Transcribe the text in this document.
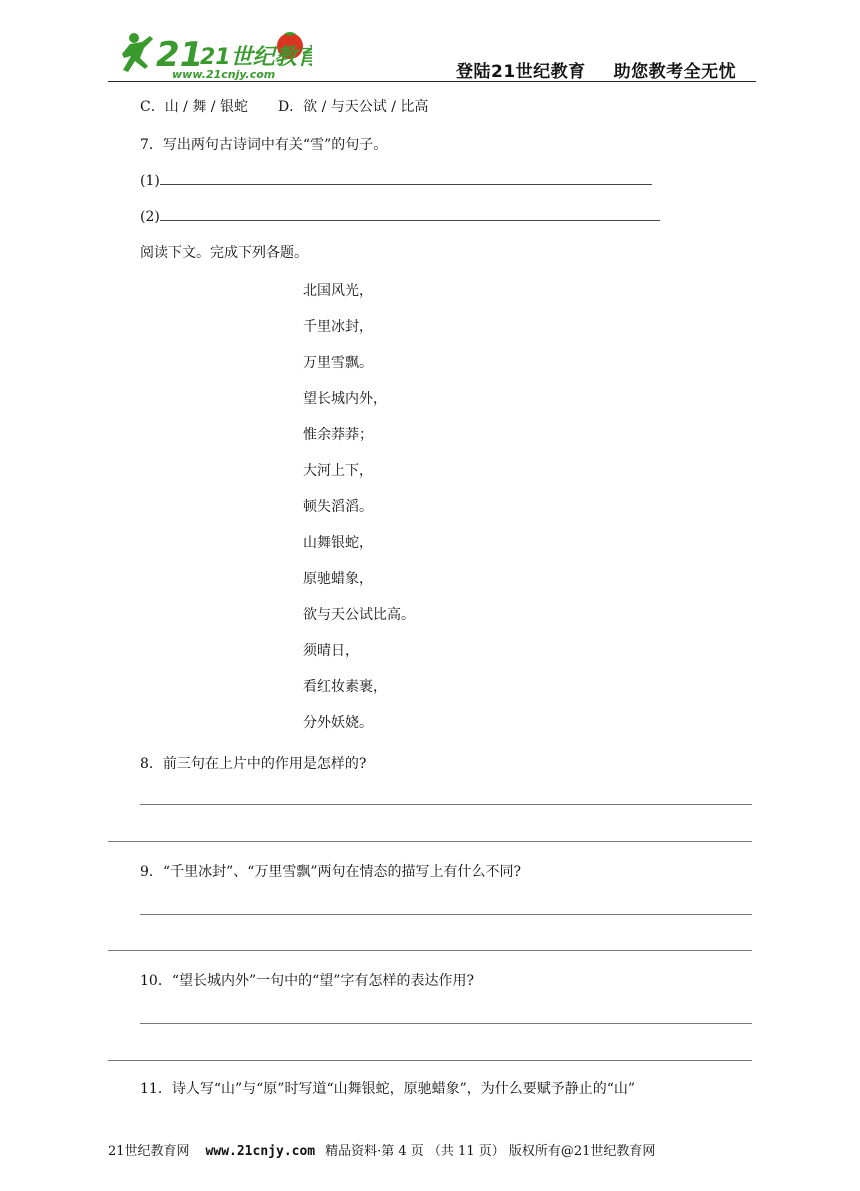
21
21世纪教育
www.21cnjy.com	登陆21世纪教育 助您教考全无忧
C．山 / 舞 / 银蛇 D．欲 / 与天公试 / 比高
7．写出两句古诗词中有关“雪”的句子。
(1)
(2)
阅读下文。完成下列各题。
北国风光，
千里冰封，
万里雪飘。
望长城内外，
惟余莽莽；
大河上下，
顿失滔滔。
山舞银蛇，
原驰蜡象，
欲与天公试比高。
须晴日，
看红妆素裹，
分外妖娆。
8．前三句在上片中的作用是怎样的?
9．“千里冰封”、“万里雪飘”两句在情态的描写上有什么不同?
10．“望长城内外”一句中的“望”字有怎样的表达作用?
11．诗人写“山”与“原”时写道“山舞银蛇，原驰蜡象”，为什么要赋予静止的“山”
21世纪教育网 www.21cnjy.com 精品资料·第 4 页 （共 11 页） 版权所有@21世纪教育网
